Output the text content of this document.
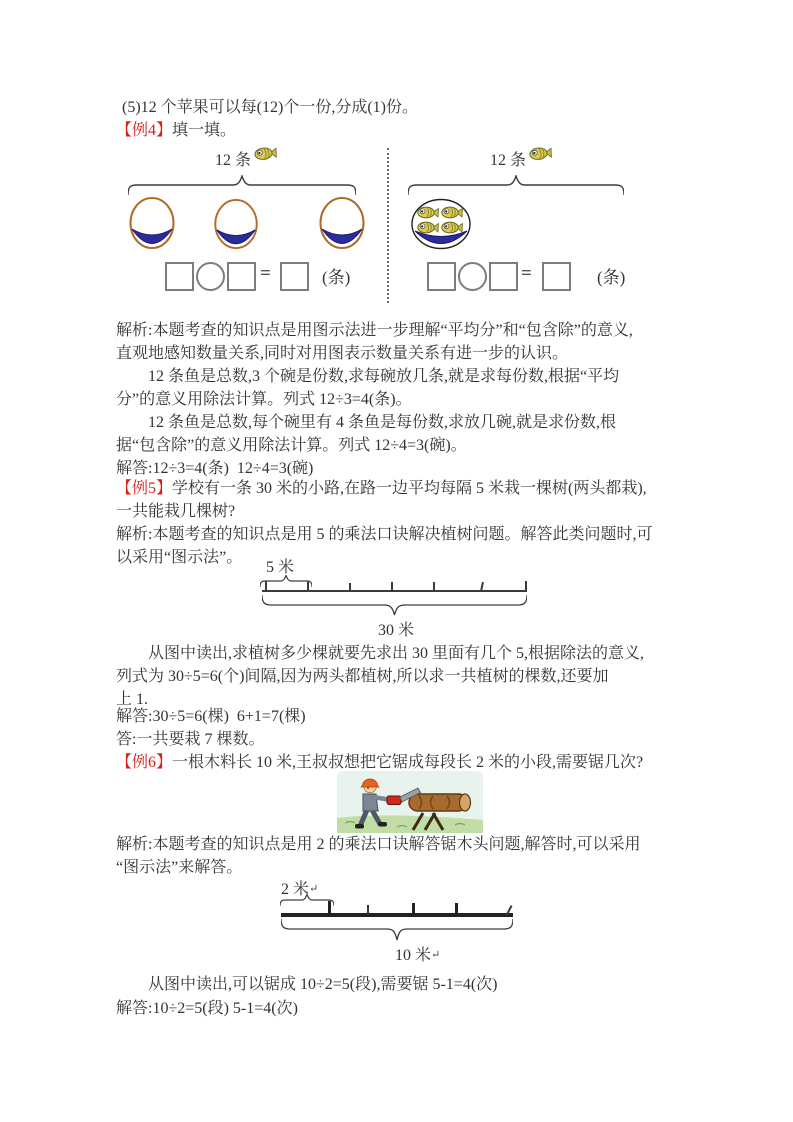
(5)12 个苹果可以每(12)个一份,分成(1)份。
【例4】填一填。
12 条
=	(条)
12 条
=	(条)
解析:本题考查的知识点是用图示法进一步理解“平均分”和“包含除”的意义,
直观地感知数量关系,同时对用图表示数量关系有进一步的认识。
12 条鱼是总数,3 个碗是份数,求每碗放几条,就是求每份数,根据“平均
分”的意义用除法计算。列式 12÷3=4(条)。
12 条鱼是总数,每个碗里有 4 条鱼是每份数,求放几碗,就是求份数,根
据“包含除”的意义用除法计算。列式 12÷4=3(碗)。
解答:12÷3=4(条)  12÷4=3(碗)
【例5】学校有一条 30 米的小路,在路一边平均每隔 5 米栽一棵树(两头都栽),
一共能栽几棵树?
解析:本题考查的知识点是用 5 的乘法口诀解决植树问题。解答此类问题时,可
以采用“图示法”。
5 米
30 米
从图中读出,求植树多少棵就要先求出 30 里面有几个 5,根据除法的意义,
列式为 30÷5=6(个)间隔,因为两头都植树,所以求一共植树的棵数,还要加
上 1.
解答:30÷5=6(棵)  6+1=7(棵)
答:一共要栽 7 棵数。
【例6】一根木料长 10 米,王叔叔想把它锯成每段长 2 米的小段,需要锯几次?
解析:本题考查的知识点是用 2 的乘法口诀解答锯木头问题,解答时,可以采用
“图示法”来解答。
2 米↵
10 米↵
从图中读出,可以锯成 10÷2=5(段),需要锯 5-1=4(次)
解答:10÷2=5(段) 5-1=4(次)
